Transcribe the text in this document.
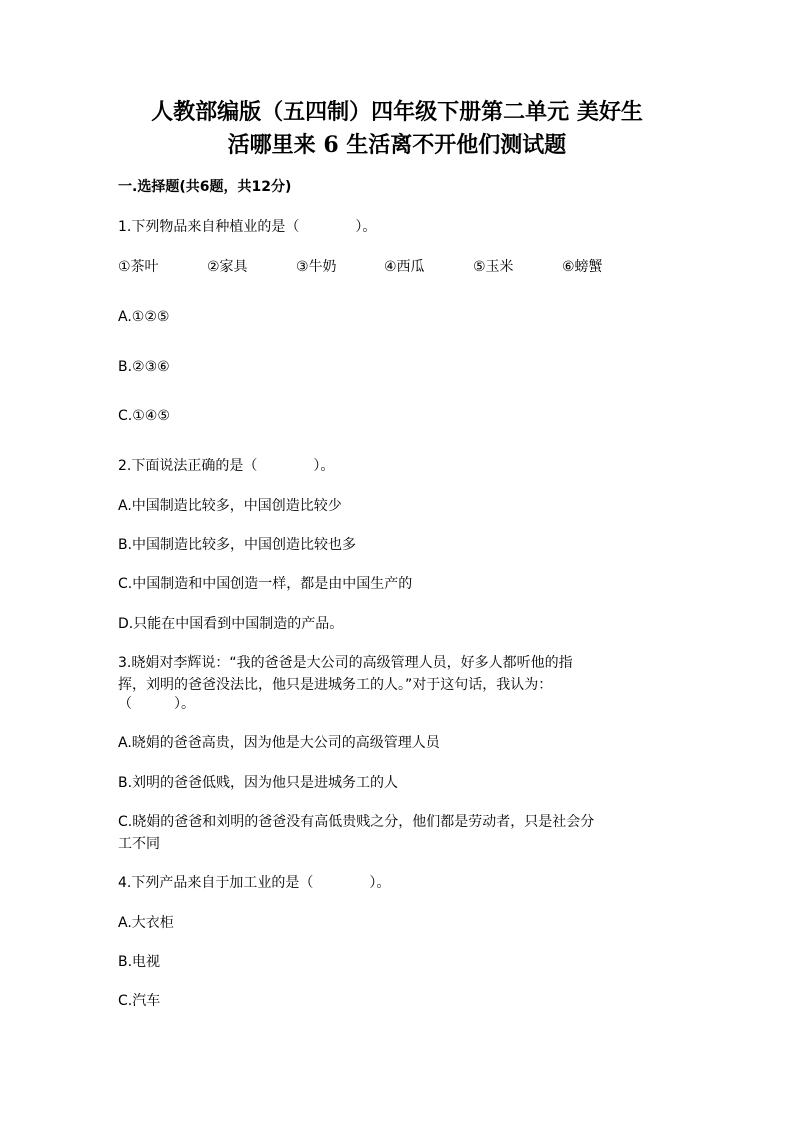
人教部编版（五四制）四年级下册第二单元 美好生
活哪里来 6 生活离不开他们测试题
一.选择题(共6题，共12分)
1.下列物品来自种植业的是（　　　　）。
①茶叶	②家具	③牛奶	④西瓜	⑤玉米	⑥螃蟹
A.①②⑤
B.②③⑥
C.①④⑤
2.下面说法正确的是（　　　　）。
A.中国制造比较多，中国创造比较少
B.中国制造比较多，中国创造比较也多
C.中国制造和中国创造一样，都是由中国生产的
D.只能在中国看到中国制造的产品。
3.晓娟对李辉说：“我的爸爸是大公司的高级管理人员，好多人都听他的指
挥，刘明的爸爸没法比，他只是进城务工的人。”对于这句话，我认为：
（　　　）。
A.晓娟的爸爸高贵，因为他是大公司的高级管理人员
B.刘明的爸爸低贱，因为他只是进城务工的人
C.晓娟的爸爸和刘明的爸爸没有高低贵贱之分，他们都是劳动者，只是社会分
工不同
4.下列产品来自于加工业的是（　　　　）。
A.大衣柜
B.电视
C.汽车
